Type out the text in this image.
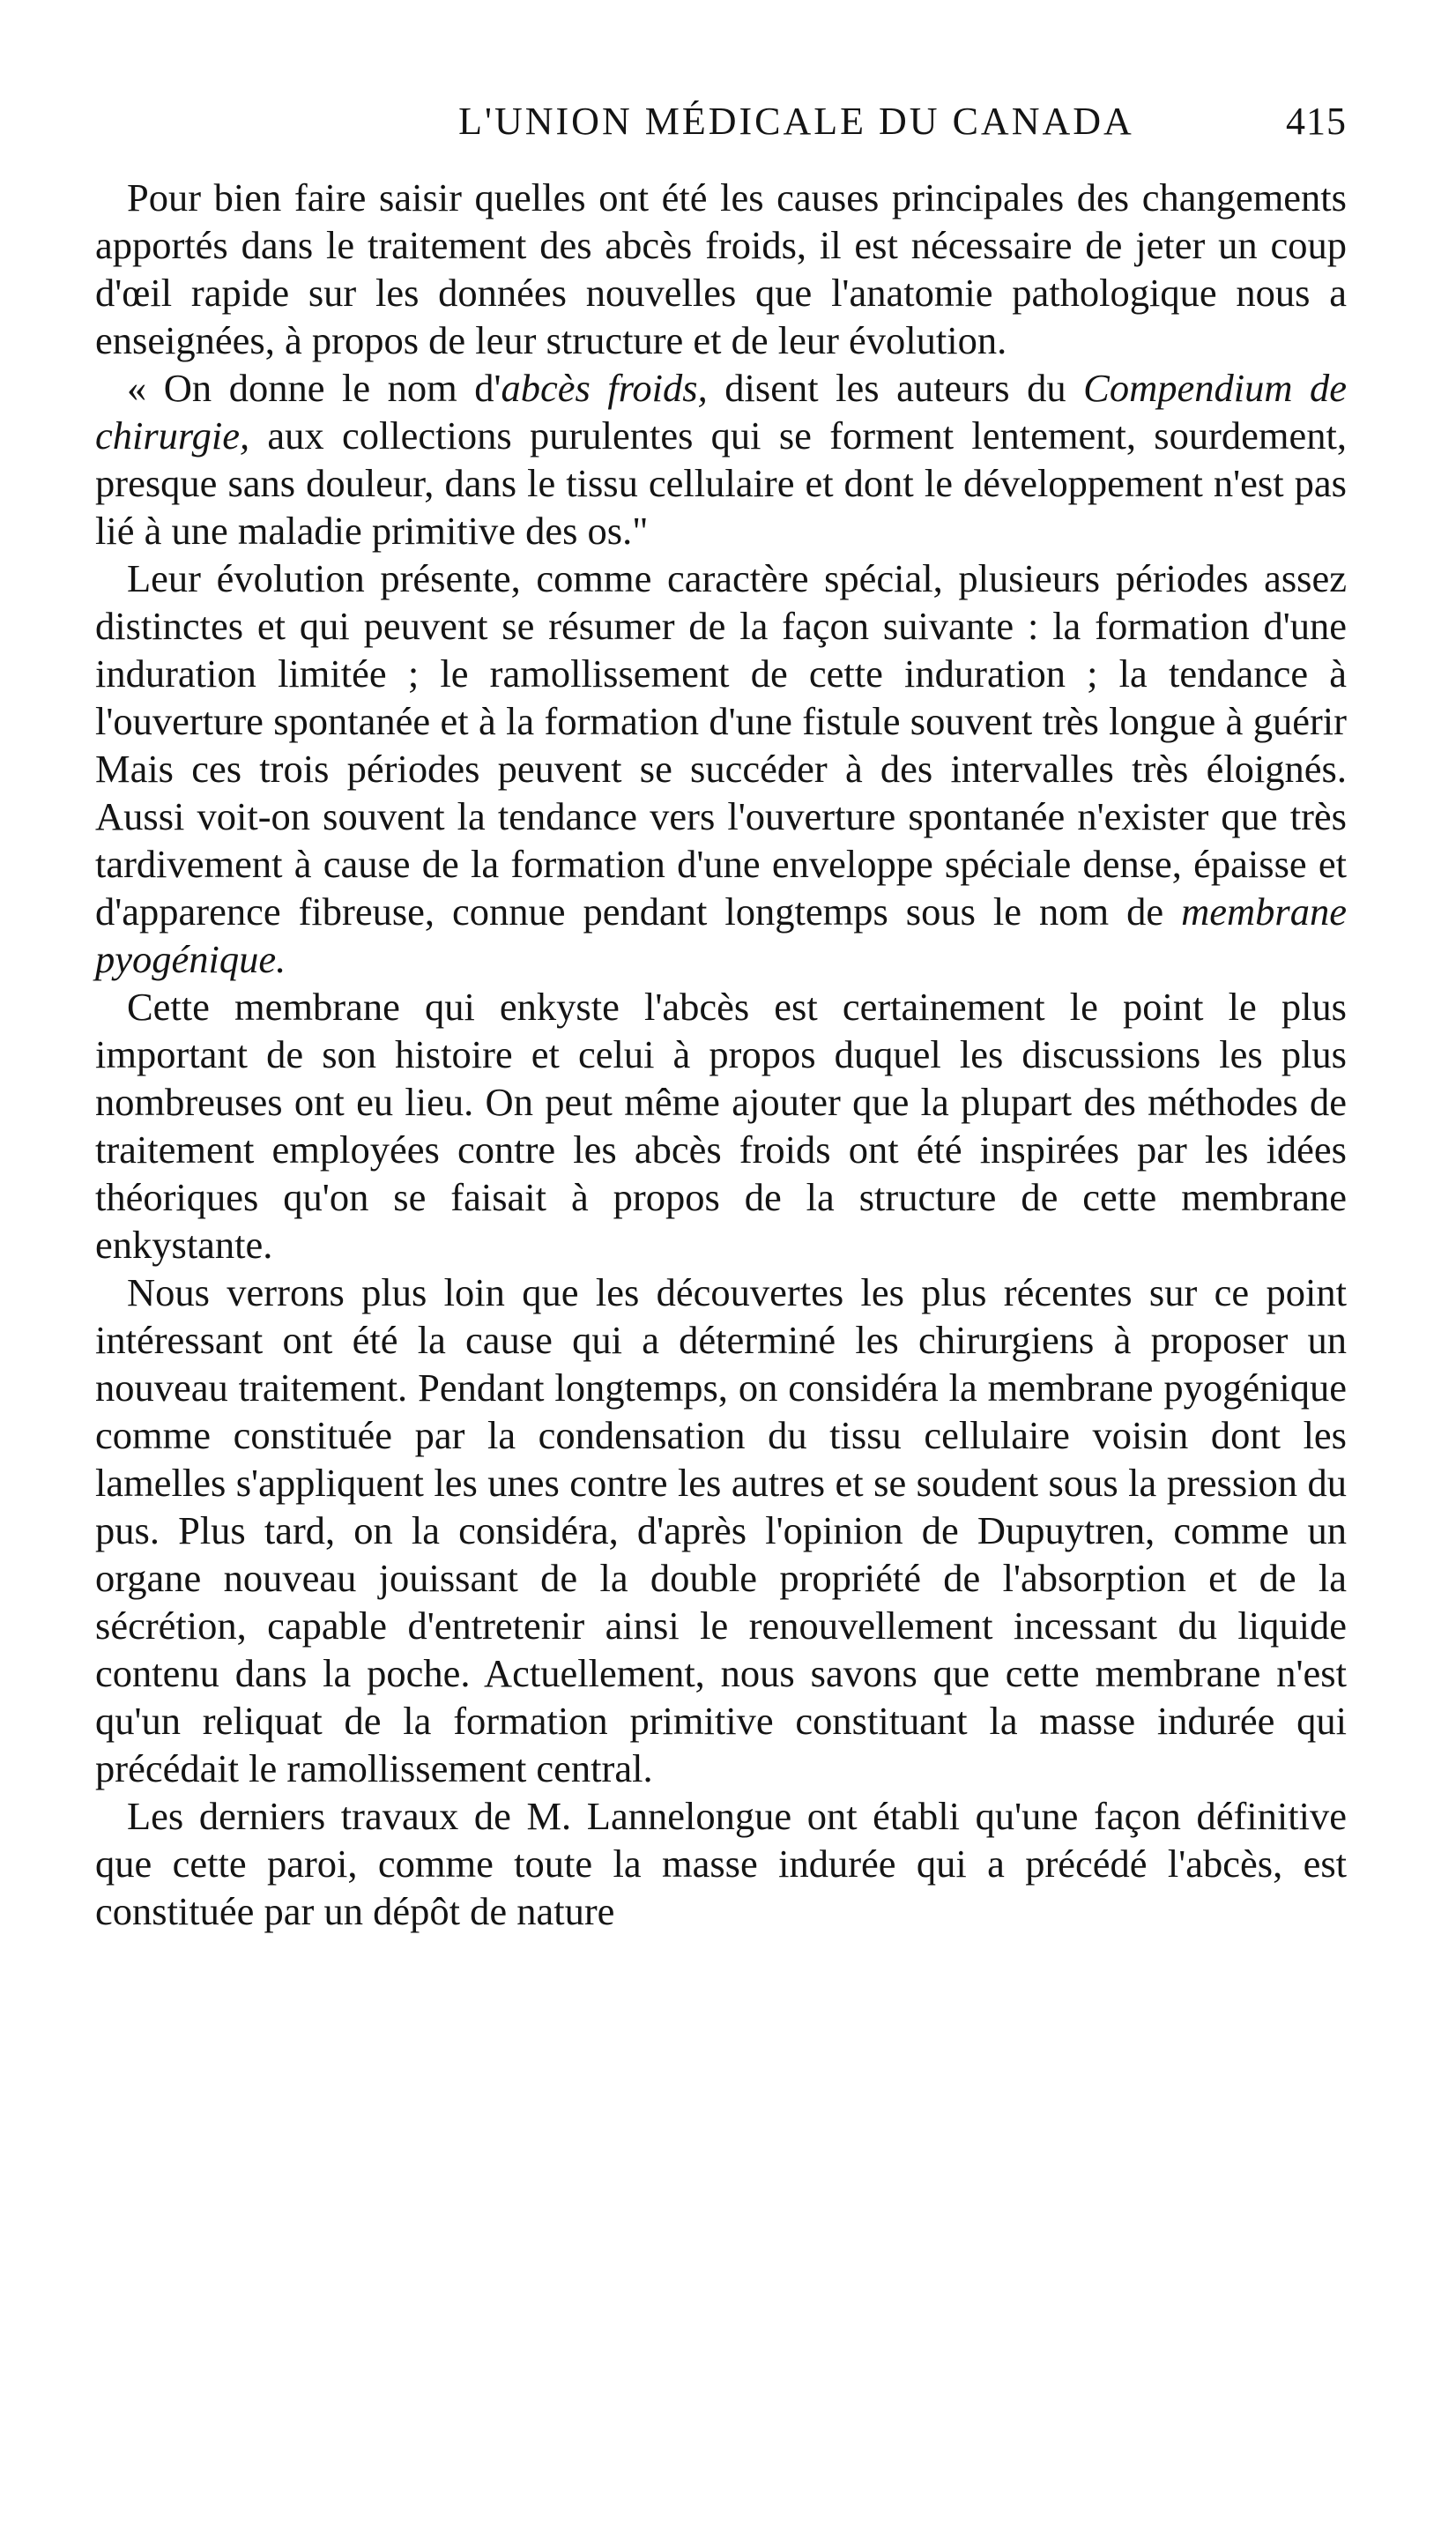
L'UNION MÉDICALE DU CANADA	415

Pour bien faire saisir quelles ont été les causes principales des changements apportés dans le traitement des abcès froids, il est nécessaire de jeter un coup d'œil rapide sur les données nouvelles que l'anatomie pathologique nous a enseignées, à propos de leur structure et de leur évolution.

« On donne le nom d'abcès froids, disent les auteurs du Compendium de chirurgie, aux collections purulentes qui se forment lentement, sourdement, presque sans douleur, dans le tissu cellulaire et dont le développement n'est pas lié à une maladie primitive des os."

Leur évolution présente, comme caractère spécial, plusieurs périodes assez distinctes et qui peuvent se résumer de la façon suivante : la formation d'une induration limitée ; le ramollissement de cette induration ; la tendance à l'ouverture spontanée et à la formation d'une fistule souvent très longue à guérir Mais ces trois périodes peuvent se succéder à des intervalles très éloignés. Aussi voit-on souvent la tendance vers l'ouverture spontanée n'exister que très tardivement à cause de la formation d'une enveloppe spéciale dense, épaisse et d'apparence fibreuse, connue pendant longtemps sous le nom de membrane pyogénique.

Cette membrane qui enkyste l'abcès est certainement le point le plus important de son histoire et celui à propos duquel les discussions les plus nombreuses ont eu lieu. On peut même ajouter que la plupart des méthodes de traitement employées contre les abcès froids ont été inspirées par les idées théoriques qu'on se faisait à propos de la structure de cette membrane enkystante.

Nous verrons plus loin que les découvertes les plus récentes sur ce point intéressant ont été la cause qui a déterminé les chirurgiens à proposer un nouveau traitement. Pendant longtemps, on considéra la membrane pyogénique comme constituée par la condensation du tissu cellulaire voisin dont les lamelles s'appliquent les unes contre les autres et se soudent sous la pression du pus. Plus tard, on la considéra, d'après l'opinion de Dupuytren, comme un organe nouveau jouissant de la double propriété de l'absorption et de la sécrétion, capable d'entretenir ainsi le renouvellement incessant du liquide contenu dans la poche. Actuellement, nous savons que cette membrane n'est qu'un reliquat de la formation primitive constituant la masse indurée qui précédait le ramollissement central.

Les derniers travaux de M. Lannelongue ont établi qu'une façon définitive que cette paroi, comme toute la masse indurée qui a précédé l'abcès, est constituée par un dépôt de nature
